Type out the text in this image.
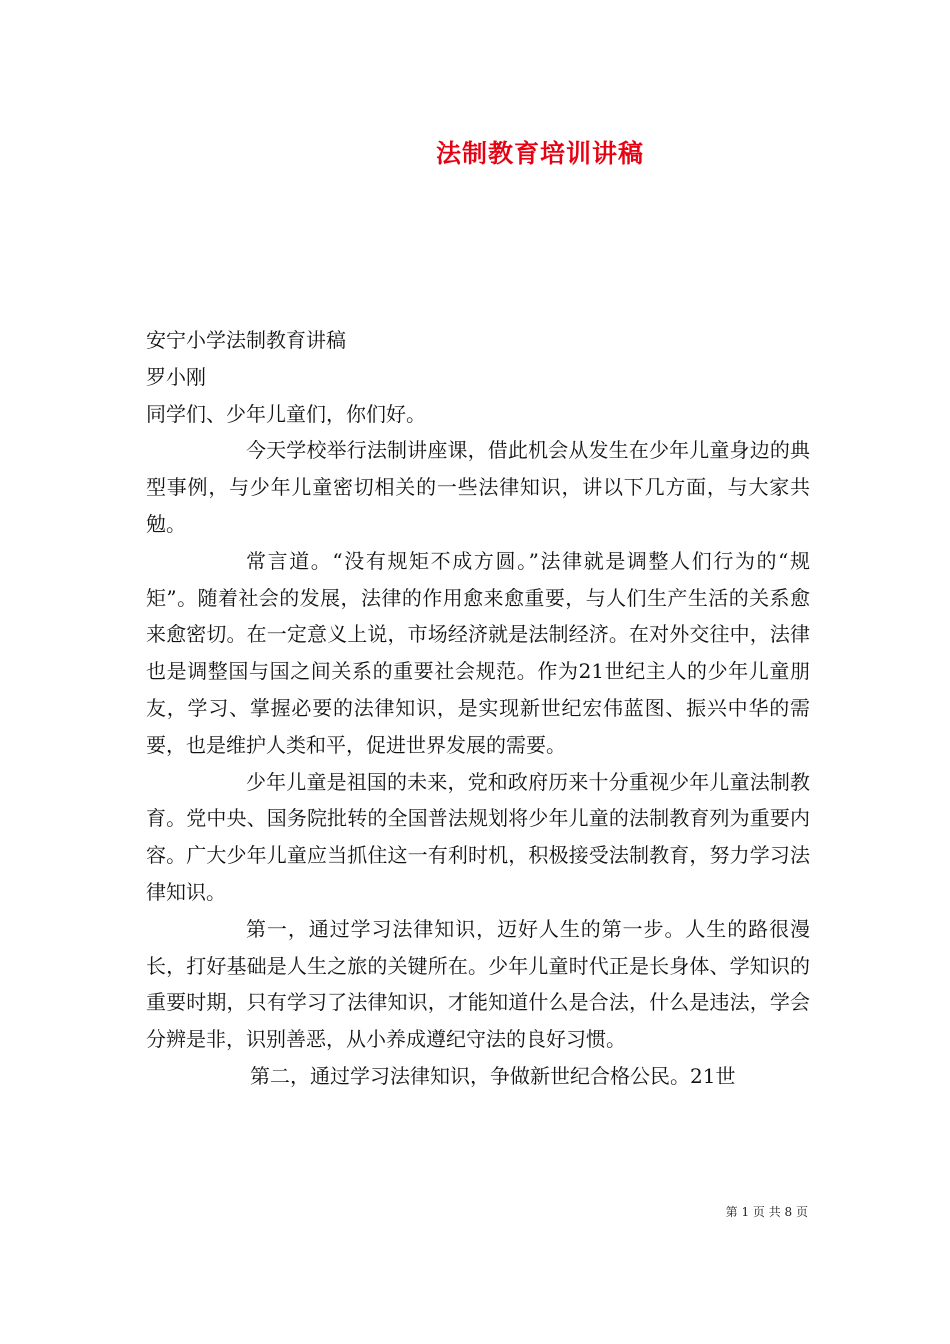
法制教育培训讲稿

安宁小学法制教育讲稿

罗小刚

同学们、少年儿童们，你们好。

今天学校举行法制讲座课，借此机会从发生在少年儿童身边的典型事例，与少年儿童密切相关的一些法律知识，讲以下几方面，与大家共勉。

常言道。“没有规矩不成方圆。”法律就是调整人们行为的“规矩”。随着社会的发展，法律的作用愈来愈重要，与人们生产生活的关系愈来愈密切。在一定意义上说，市场经济就是法制经济。在对外交往中，法律也是调整国与国之间关系的重要社会规范。作为21世纪主人的少年儿童朋友，学习、掌握必要的法律知识，是实现新世纪宏伟蓝图、振兴中华的需要，也是维护人类和平，促进世界发展的需要。

少年儿童是祖国的未来，党和政府历来十分重视少年儿童法制教育。党中央、国务院批转的全国普法规划将少年儿童的法制教育列为重要内容。广大少年儿童应当抓住这一有利时机，积极接受法制教育，努力学习法律知识。

第一，通过学习法律知识，迈好人生的第一步。人生的路很漫长，打好基础是人生之旅的关键所在。少年儿童时代正是长身体、学知识的重要时期，只有学习了法律知识，才能知道什么是合法，什么是违法，学会分辨是非，识别善恶，从小养成遵纪守法的良好习惯。

第二，通过学习法律知识，争做新世纪合格公民。21世

第 1 页 共 8 页
